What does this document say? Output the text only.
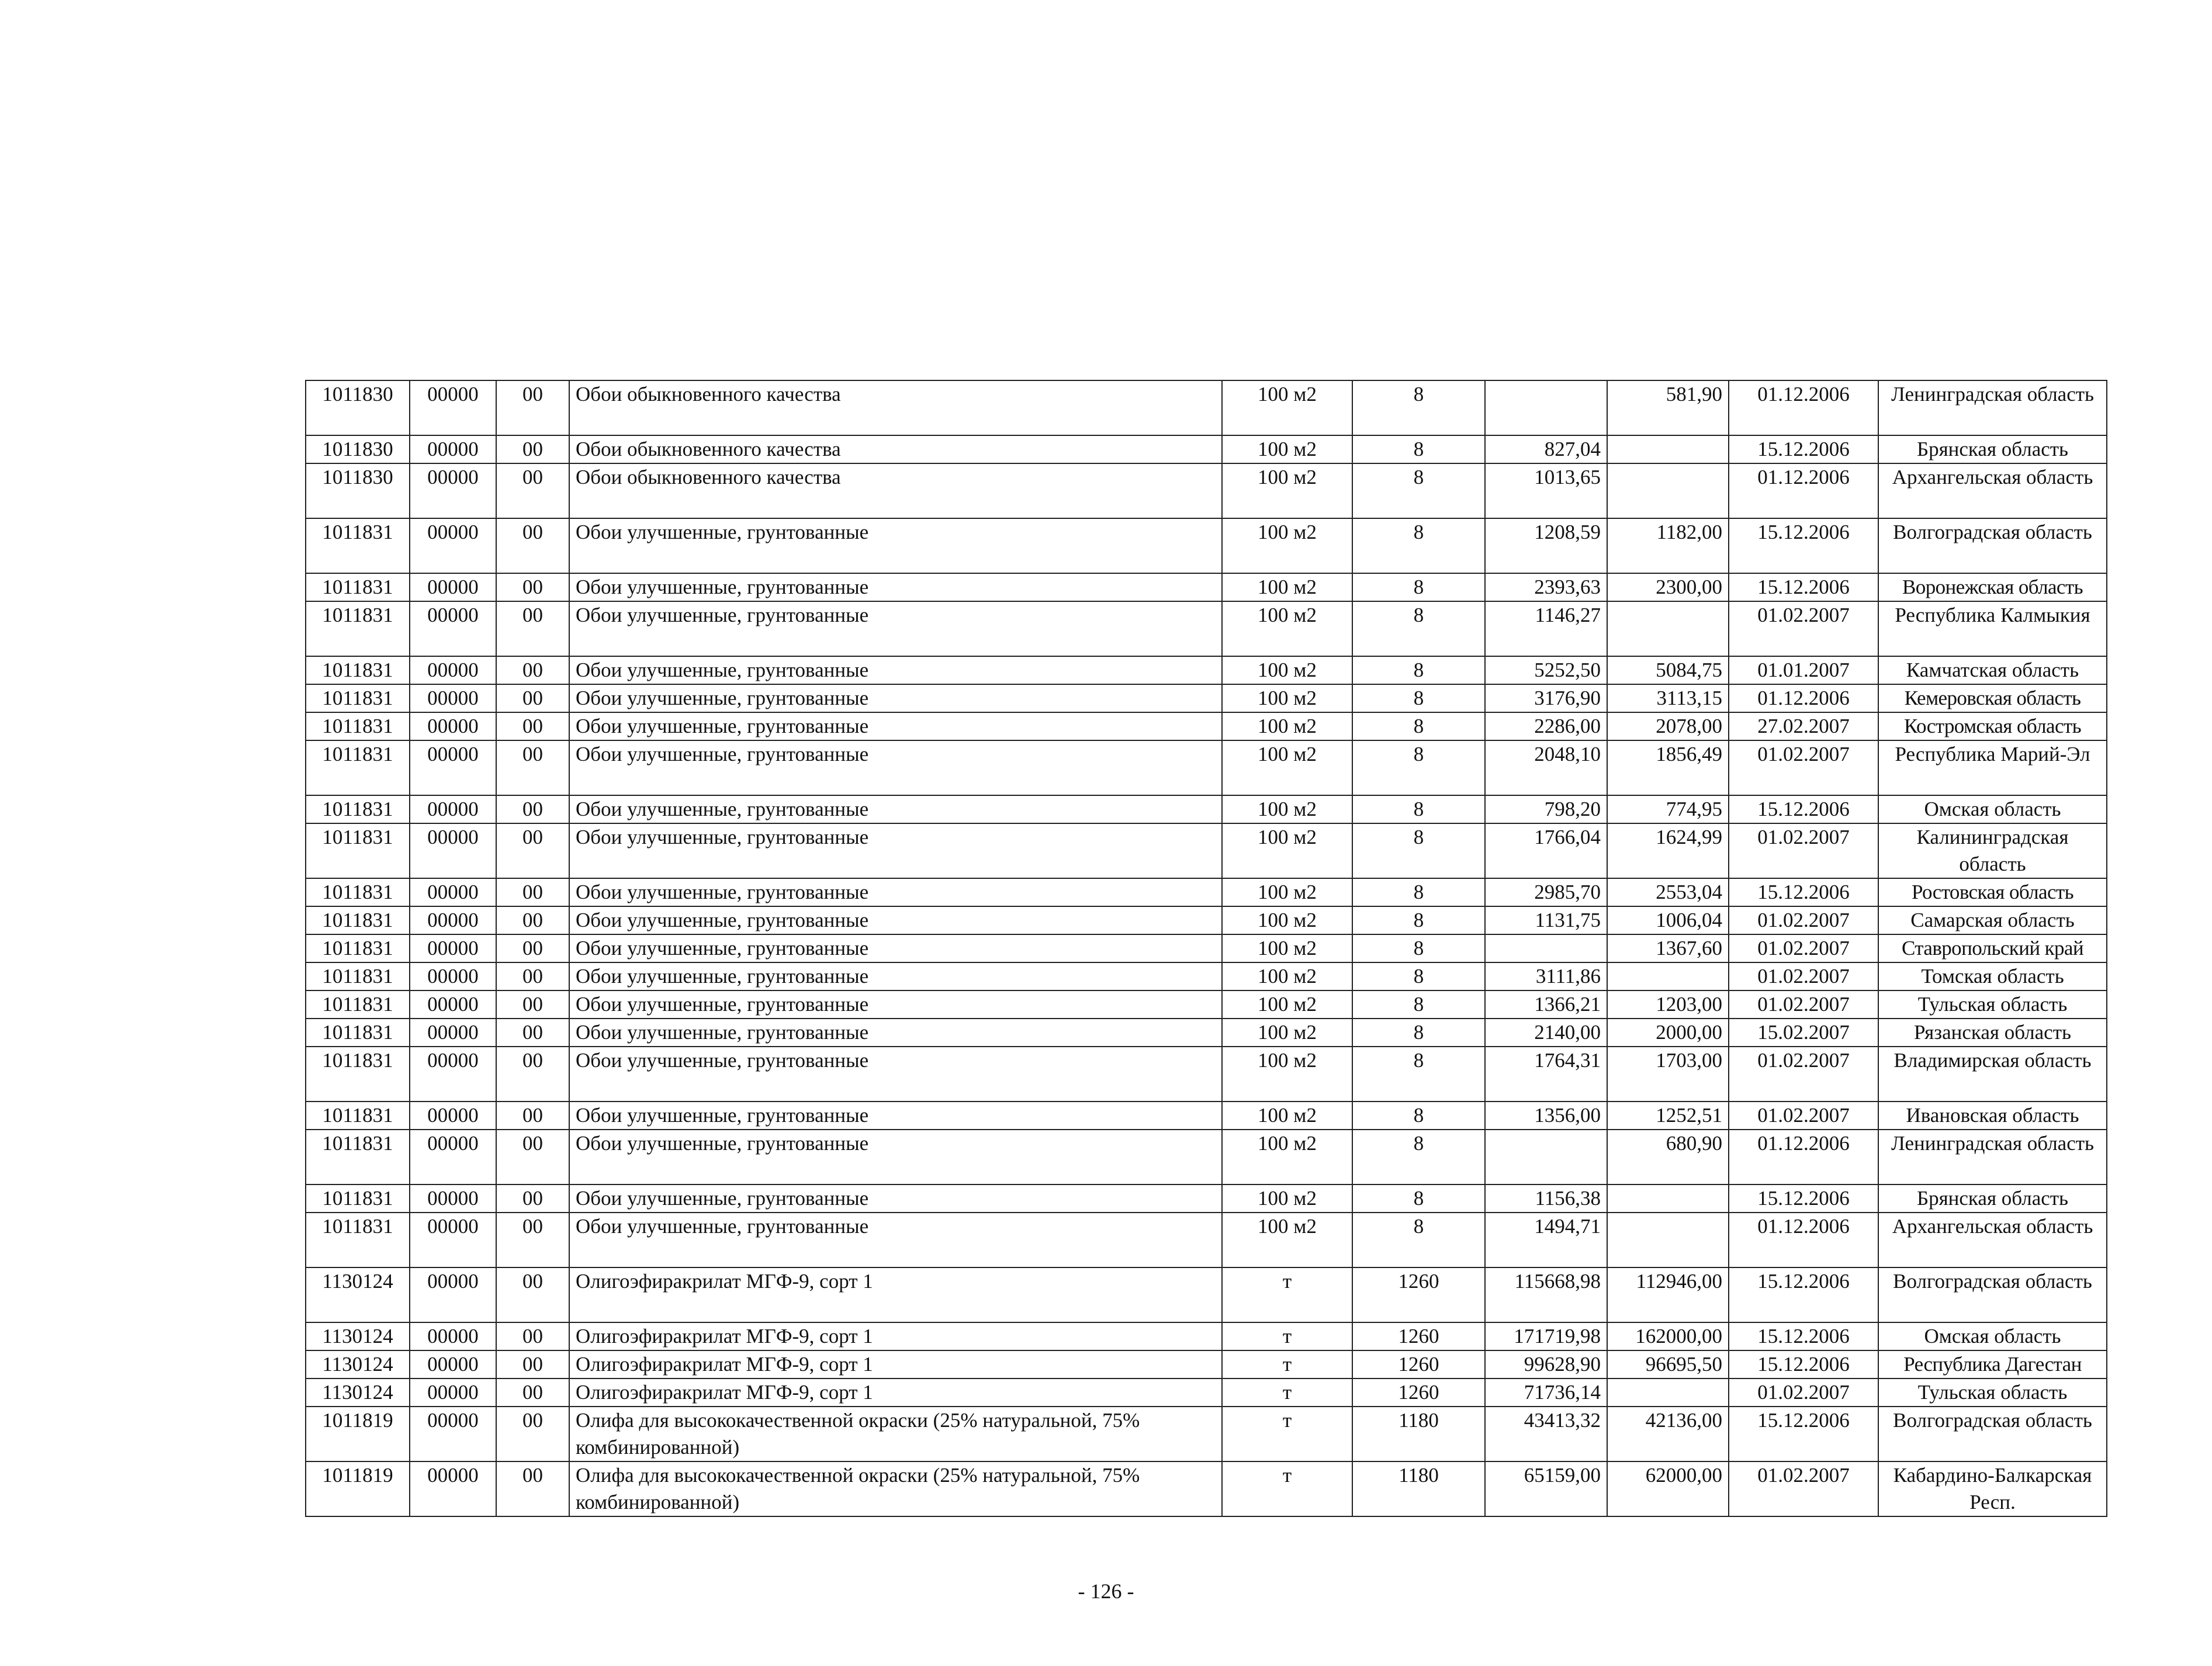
1011830	00000	00	Обои обыкновенного качества	100 м2	8		581,90	01.12.2006	Ленинградская область
1011830	00000	00	Обои обыкновенного качества	100 м2	8	827,04		15.12.2006	Брянская область
1011830	00000	00	Обои обыкновенного качества	100 м2	8	1013,65		01.12.2006	Архангельская область
1011831	00000	00	Обои улучшенные, грунтованные	100 м2	8	1208,59	1182,00	15.12.2006	Волгоградская область
1011831	00000	00	Обои улучшенные, грунтованные	100 м2	8	2393,63	2300,00	15.12.2006	Воронежская область
1011831	00000	00	Обои улучшенные, грунтованные	100 м2	8	1146,27		01.02.2007	Республика Калмыкия
1011831	00000	00	Обои улучшенные, грунтованные	100 м2	8	5252,50	5084,75	01.01.2007	Камчатская область
1011831	00000	00	Обои улучшенные, грунтованные	100 м2	8	3176,90	3113,15	01.12.2006	Кемеровская область
1011831	00000	00	Обои улучшенные, грунтованные	100 м2	8	2286,00	2078,00	27.02.2007	Костромская область
1011831	00000	00	Обои улучшенные, грунтованные	100 м2	8	2048,10	1856,49	01.02.2007	Республика Марий-Эл
1011831	00000	00	Обои улучшенные, грунтованные	100 м2	8	798,20	774,95	15.12.2006	Омская область
1011831	00000	00	Обои улучшенные, грунтованные	100 м2	8	1766,04	1624,99	01.02.2007	Калининградская область
1011831	00000	00	Обои улучшенные, грунтованные	100 м2	8	2985,70	2553,04	15.12.2006	Ростовская область
1011831	00000	00	Обои улучшенные, грунтованные	100 м2	8	1131,75	1006,04	01.02.2007	Самарская область
1011831	00000	00	Обои улучшенные, грунтованные	100 м2	8		1367,60	01.02.2007	Ставропольский край
1011831	00000	00	Обои улучшенные, грунтованные	100 м2	8	3111,86		01.02.2007	Томская область
1011831	00000	00	Обои улучшенные, грунтованные	100 м2	8	1366,21	1203,00	01.02.2007	Тульская область
1011831	00000	00	Обои улучшенные, грунтованные	100 м2	8	2140,00	2000,00	15.02.2007	Рязанская область
1011831	00000	00	Обои улучшенные, грунтованные	100 м2	8	1764,31	1703,00	01.02.2007	Владимирская область
1011831	00000	00	Обои улучшенные, грунтованные	100 м2	8	1356,00	1252,51	01.02.2007	Ивановская область
1011831	00000	00	Обои улучшенные, грунтованные	100 м2	8		680,90	01.12.2006	Ленинградская область
1011831	00000	00	Обои улучшенные, грунтованные	100 м2	8	1156,38		15.12.2006	Брянская область
1011831	00000	00	Обои улучшенные, грунтованные	100 м2	8	1494,71		01.12.2006	Архангельская область
1130124	00000	00	Олигоэфиракрилат МГФ-9, сорт 1	т	1260	115668,98	112946,00	15.12.2006	Волгоградская область
1130124	00000	00	Олигоэфиракрилат МГФ-9, сорт 1	т	1260	171719,98	162000,00	15.12.2006	Омская область
1130124	00000	00	Олигоэфиракрилат МГФ-9, сорт 1	т	1260	99628,90	96695,50	15.12.2006	Республика Дагестан
1130124	00000	00	Олигоэфиракрилат МГФ-9, сорт 1	т	1260	71736,14		01.02.2007	Тульская область
1011819	00000	00	Олифа для высококачественной окраски (25% натуральной, 75% комбинированной)	т	1180	43413,32	42136,00	15.12.2006	Волгоградская область
1011819	00000	00	Олифа для высококачественной окраски (25% натуральной, 75% комбинированной)	т	1180	65159,00	62000,00	01.02.2007	Кабардино-Балкарская Респ.
- 126 -
